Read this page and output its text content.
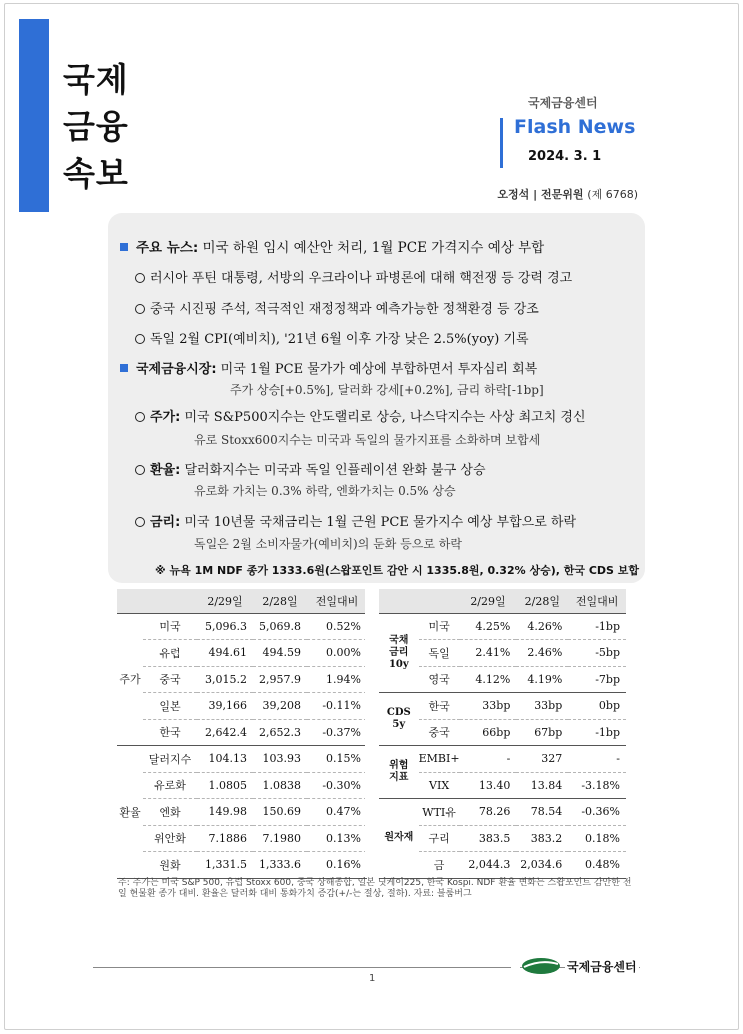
국제
금융
속보
국제금융센터
Flash News
2024. 3. 1
오정석 | 전문위원 (제 6768)
주요 뉴스: 미국 하원 임시 예산안 처리, 1월 PCE 가격지수 예상 부합
러시아 푸틴 대통령, 서방의 우크라이나 파병론에 대해 핵전쟁 등 강력 경고
중국 시진핑 주석, 적극적인 재정정책과 예측가능한 정책환경 등 강조
독일 2월 CPI(예비치), '21년 6월 이후 가장 낮은 2.5%(yoy) 기록
국제금융시장: 미국 1월 PCE 물가가 예상에 부합하면서 투자심리 회복
주가 상승[+0.5%], 달러화 강세[+0.2%], 금리 하락[-1bp]
주가: 미국 S&P500지수는 안도랠리로 상승, 나스닥지수는 사상 최고치 경신
유로 Stoxx600지수는 미국과 독일의 물가지표를 소화하며 보합세
환율: 달러화지수는 미국과 독일 인플레이션 완화 불구 상승
유로화 가치는 0.3% 하락, 엔화가치는 0.5% 상승
금리: 미국 10년물 국채금리는 1월 근원 PCE 물가지수 예상 부합으로 하락
독일은 2월 소비자물가(예비치)의 둔화 등으로 하락
※ 뉴욕 1M NDF 종가 1333.6원(스왑포인트 감안 시 1335.8원, 0.32% 상승), 한국 CDS 보합
		2/29일	2/28일	전일대비
주가	미국	5,096.3	5,069.8	0.52%
	유럽	494.61	494.59	0.00%
	중국	3,015.2	2,957.9	1.94%
	일본	39,166	39,208	-0.11%
	한국	2,642.4	2,652.3	-0.37%
환율	달러지수	104.13	103.93	0.15%
	유로화	1.0805	1.0838	-0.30%
	엔화	149.98	150.69	0.47%
	위안화	7.1886	7.1980	0.13%
	원화	1,331.5	1,333.6	0.16%
		2/29일	2/28일	전일대비
국채
금리
10y	미국	4.25%	4.26%	-1bp
	독일	2.41%	2.46%	-5bp
	영국	4.12%	4.19%	-7bp
CDS
5y	한국	33bp	33bp	0bp
	중국	66bp	67bp	-1bp
위험
지표	EMBI+	-	327	-
	VIX	13.40	13.84	-3.18%
원자재	WTI유	78.26	78.54	-0.36%
	구리	383.5	383.2	0.18%
	금	2,044.3	2,034.6	0.48%
주: 주가는 미국 S&P 500, 유럽 Stoxx 600, 중국 상해종합, 일본 닛케이225, 한국 Kospi. NDF 환율 변화는 스왑포인트 감안한 전일 현물환 종가 대비. 환율은 달러화 대비 통화가치 증감(+/-는 절상, 절하). 자료: 블룸버그
1
국제금융센터
